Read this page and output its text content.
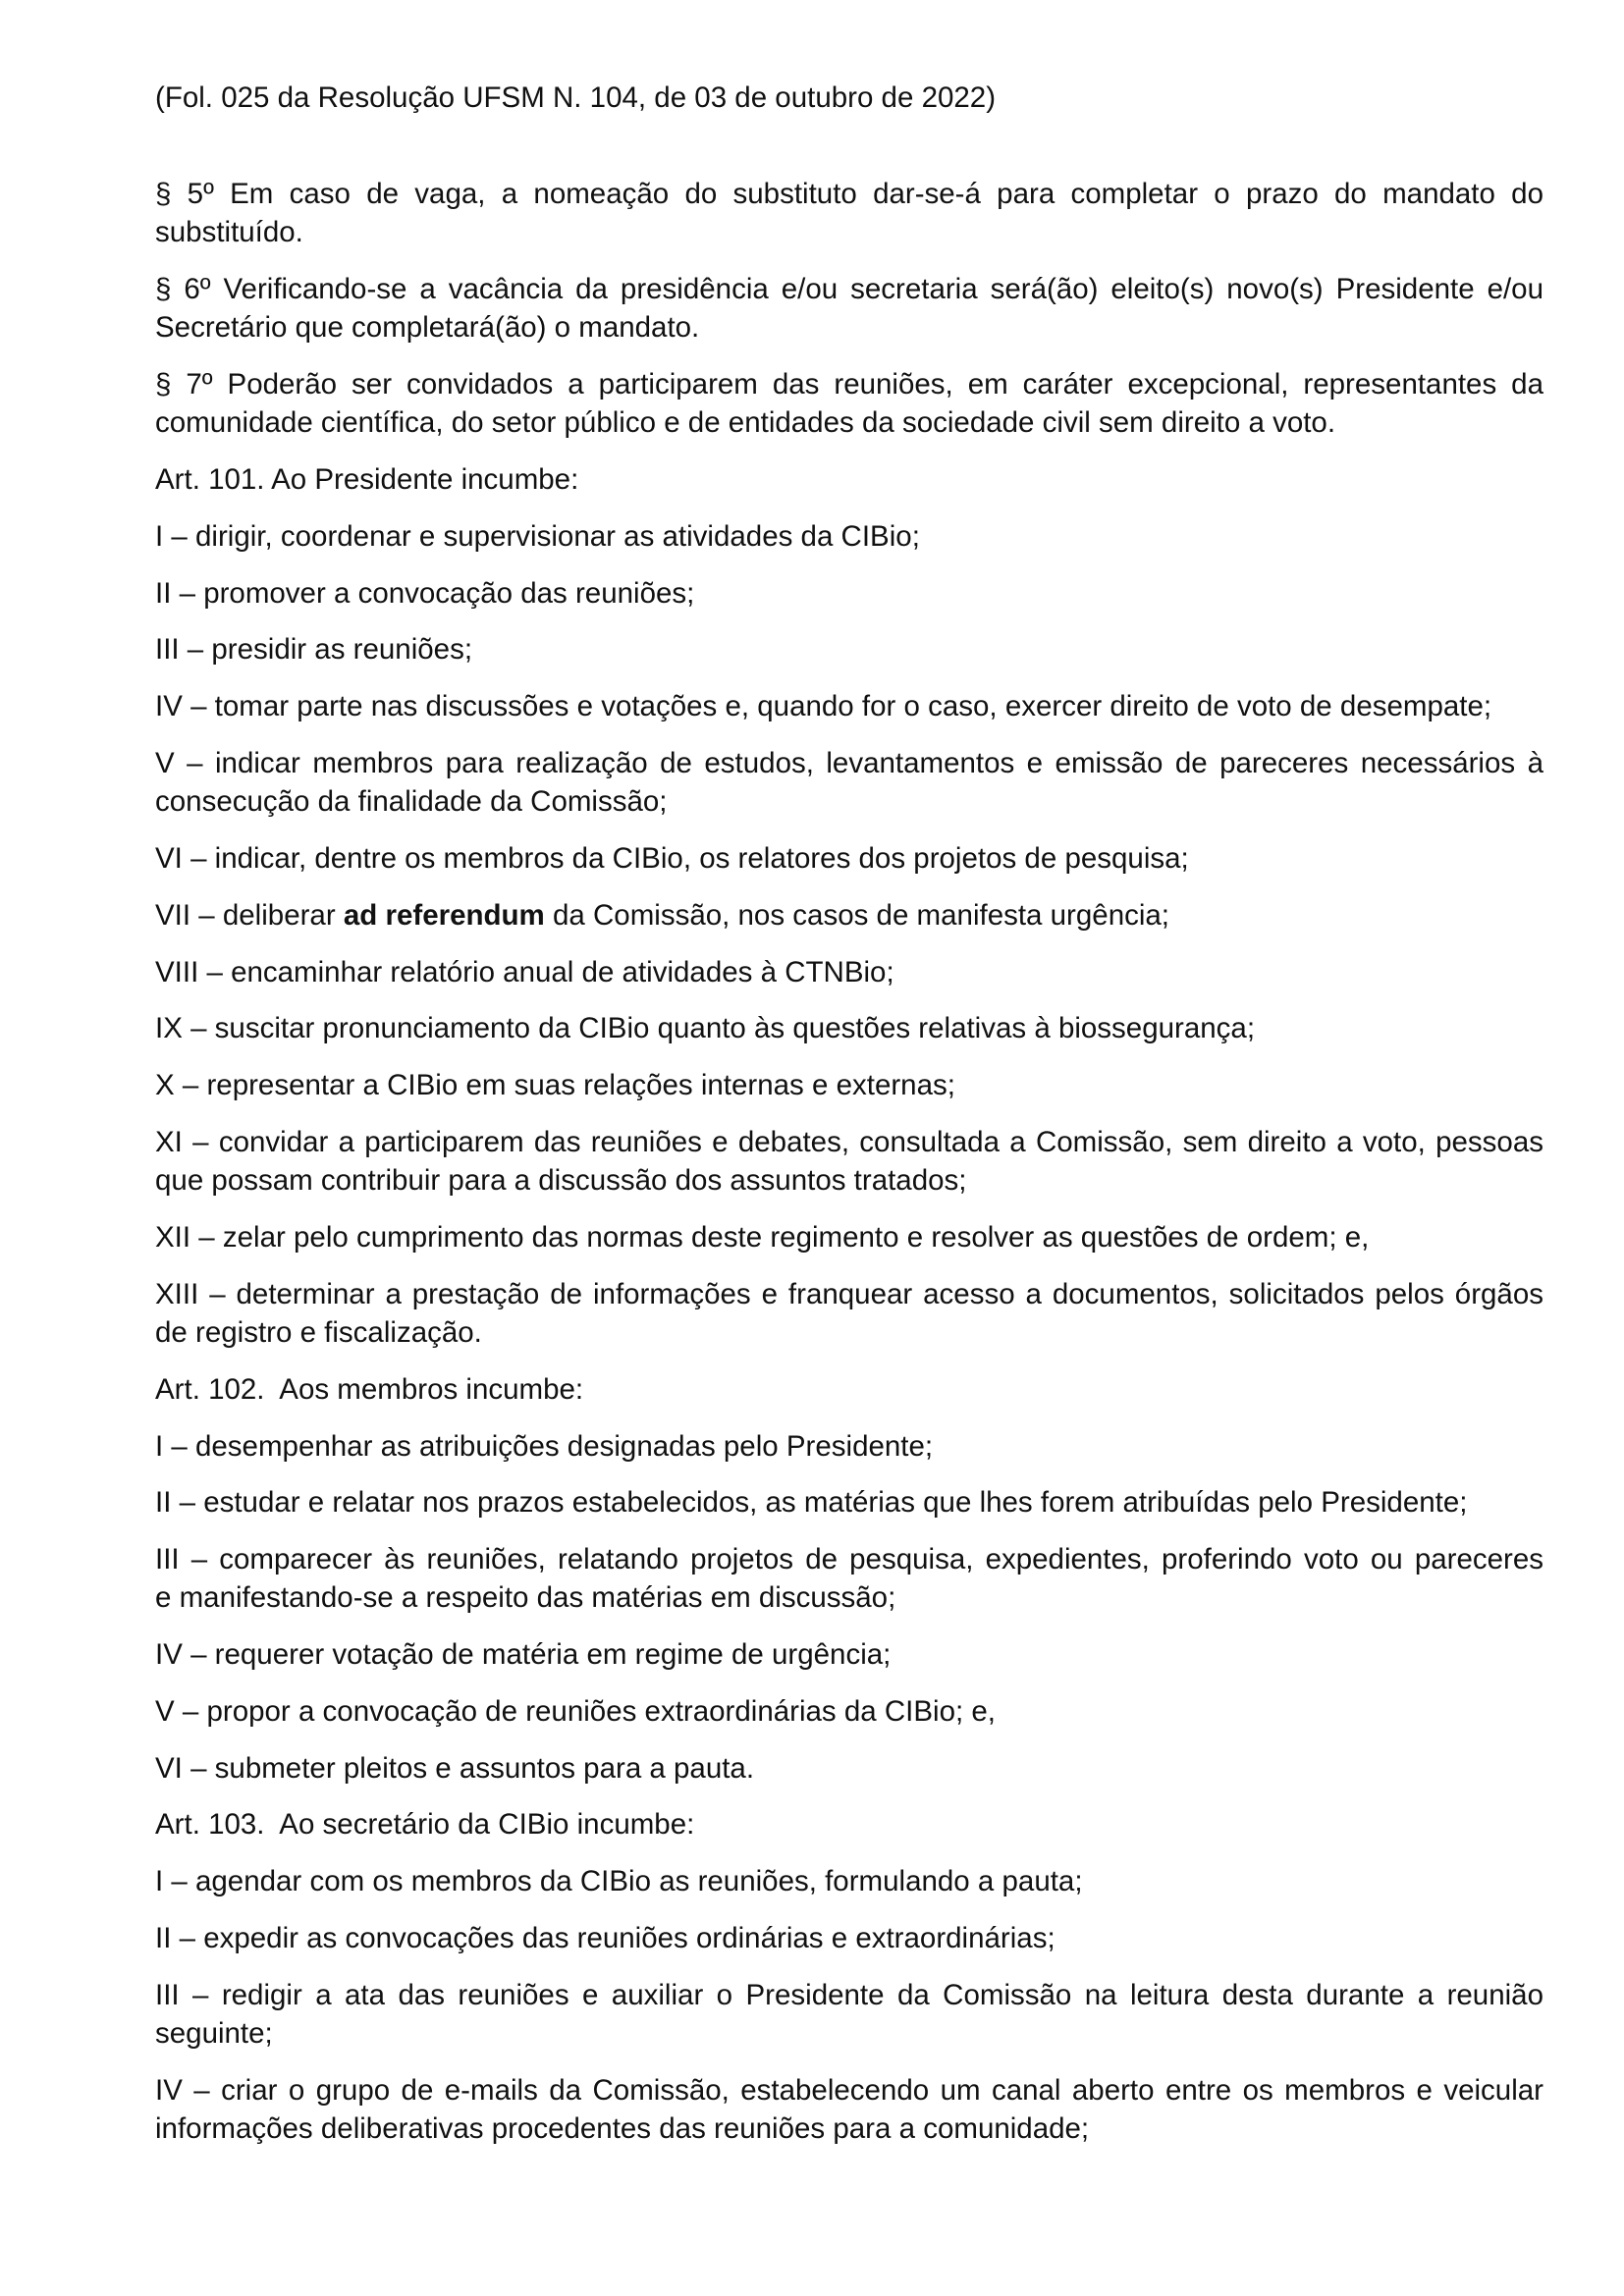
(Fol. 025 da Resolução UFSM N. 104, de 03 de outubro de 2022)

§ 5º Em caso de vaga, a nomeação do substituto dar-se-á para completar o prazo do mandato do
substituído.

§ 6º Verificando-se a vacância da presidência e/ou secretaria será(ão) eleito(s) novo(s) Presidente e/ou
Secretário que completará(ão) o mandato.

§ 7º Poderão ser convidados a participarem das reuniões, em caráter excepcional, representantes da
comunidade científica, do setor público e de entidades da sociedade civil sem direito a voto.

Art. 101. Ao Presidente incumbe:

I – dirigir, coordenar e supervisionar as atividades da CIBio;

II – promover a convocação das reuniões;

III – presidir as reuniões;

IV – tomar parte nas discussões e votações e, quando for o caso, exercer direito de voto de desempate;

V – indicar membros para realização de estudos, levantamentos e emissão de pareceres necessários à
consecução da finalidade da Comissão;

VI – indicar, dentre os membros da CIBio, os relatores dos projetos de pesquisa;

VII – deliberar ad referendum da Comissão, nos casos de manifesta urgência;

VIII – encaminhar relatório anual de atividades à CTNBio;

IX – suscitar pronunciamento da CIBio quanto às questões relativas à biossegurança;

X – representar a CIBio em suas relações internas e externas;

XI – convidar a participarem das reuniões e debates, consultada a Comissão, sem direito a voto, pessoas
que possam contribuir para a discussão dos assuntos tratados;

XII – zelar pelo cumprimento das normas deste regimento e resolver as questões de ordem; e,

XIII – determinar a prestação de informações e franquear acesso a documentos, solicitados pelos órgãos
de registro e fiscalização.

Art. 102.  Aos membros incumbe:

I – desempenhar as atribuições designadas pelo Presidente;

II – estudar e relatar nos prazos estabelecidos, as matérias que lhes forem atribuídas pelo Presidente;

III – comparecer às reuniões, relatando projetos de pesquisa, expedientes, proferindo voto ou pareceres
e manifestando-se a respeito das matérias em discussão;

IV – requerer votação de matéria em regime de urgência;

V – propor a convocação de reuniões extraordinárias da CIBio; e,

VI – submeter pleitos e assuntos para a pauta.

Art. 103.  Ao secretário da CIBio incumbe:

I – agendar com os membros da CIBio as reuniões, formulando a pauta;

II – expedir as convocações das reuniões ordinárias e extraordinárias;

III – redigir a ata das reuniões e auxiliar o Presidente da Comissão na leitura desta durante a reunião
seguinte;

IV – criar o grupo de e-mails da Comissão, estabelecendo um canal aberto entre os membros e veicular
informações deliberativas procedentes das reuniões para a comunidade;
